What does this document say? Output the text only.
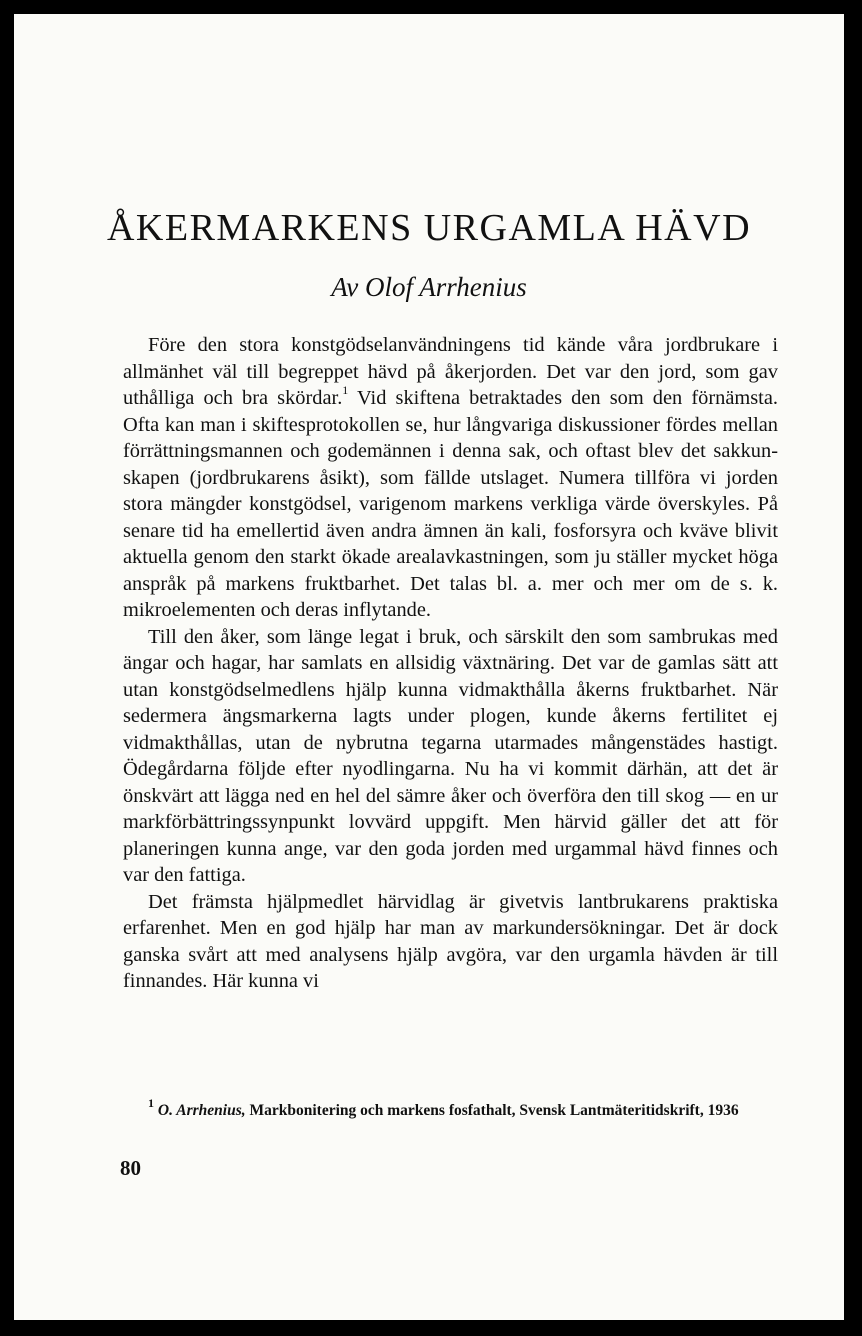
ÅKERMARKENS URGAMLA HÄVD

Av Olof Arrhenius

Före den stora konstgödselanvändningens tid kände våra jordbrukare i allmänhet väl till begreppet hävd på åkerjorden. Det var den jord, som gav uthålliga och bra skördar.$^1$ Vid skiftena betraktades den som den förnämsta. Ofta kan man i skiftesprotokollen se, hur långvariga diskussioner fördes mellan förrättningsmannen och godemännen i denna sak, och oftast blev det sakkunskapen (jordbrukarens åsikt), som fällde utslaget. Numera tillföra vi jorden stora mängder konstgödsel, varigenom markens verkliga värde överskyles. På senare tid ha emellertid även andra ämnen än kali, fosforsyra och kväve blivit aktuella genom den starkt ökade arealavkastningen, som ju ställer mycket höga anspråk på markens fruktbarhet. Det talas bl. a. mer och mer om de s. k. mikroelementen och deras inflytande.

Till den åker, som länge legat i bruk, och särskilt den som sambrukas med ängar och hagar, har samlats en allsidig växtnäring. Det var de gamlas sätt att utan konstgödselmedlens hjälp kunna vidmakthålla åkerns fruktbarhet. När sedermera ängsmarkerna lagts under plogen, kunde åkerns fertilitet ej vidmakthållas, utan de nybrutna tegarna utarmades mångenstädes hastigt. Ödegårdarna följde efter nyodlingarna. Nu ha vi kommit därhän, att det är önskvärt att lägga ned en hel del sämre åker och överföra den till skog — en ur markförbättringssynpunkt lovvärd uppgift. Men härvid gäller det att för planeringen kunna ange, var den goda jorden med urgammal hävd finnes och var den fattiga.

Det främsta hjälpmedlet härvidlag är givetvis lantbrukarens praktiska erfarenhet. Men en god hjälp har man av markundersökningar. Det är dock ganska svårt att med analysens hjälp avgöra, var den urgamla hävden är till finnandes. Här kunna vi

$^1$ O. Arrhenius, Markbonitering och markens fosfathalt, Svensk Lantmäteritidskrift, 1936

80
